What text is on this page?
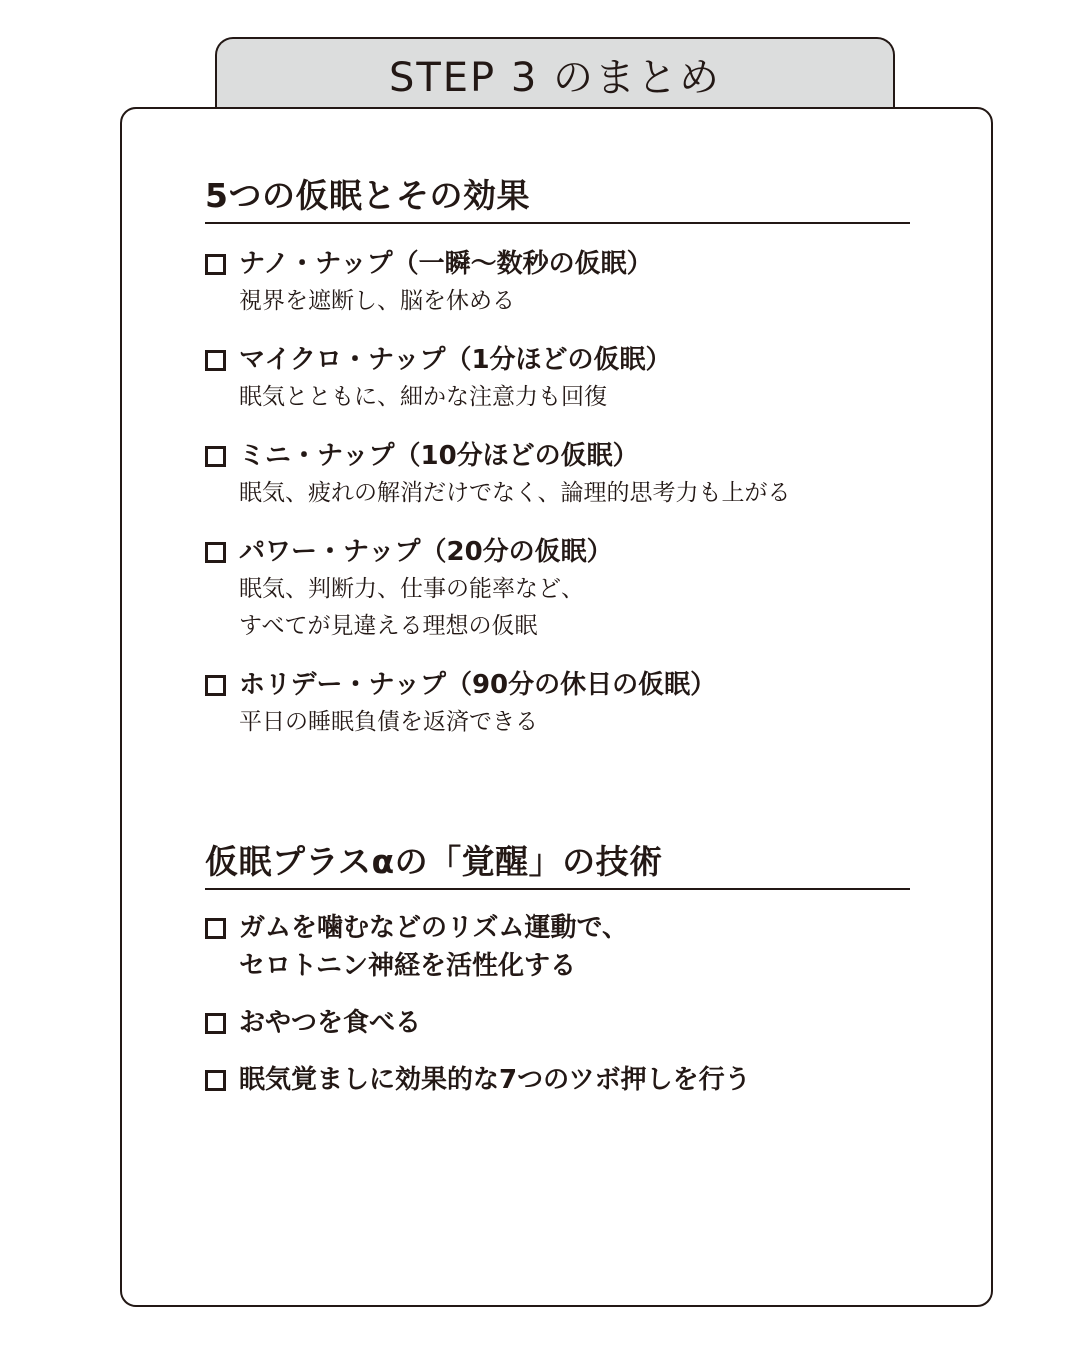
STEP 3 のまとめ
5つの仮眠とその効果
ナノ・ナップ（一瞬〜数秒の仮眠）
視界を遮断し、脳を休める
マイクロ・ナップ（1分ほどの仮眠）
眠気とともに、細かな注意力も回復
ミニ・ナップ（10分ほどの仮眠）
眠気、疲れの解消だけでなく、論理的思考力も上がる
パワー・ナップ（20分の仮眠）
眠気、判断力、仕事の能率など、
すべてが見違える理想の仮眠
ホリデー・ナップ（90分の休日の仮眠）
平日の睡眠負債を返済できる
仮眠プラスαの「覚醒」の技術
ガムを噛むなどのリズム運動で、
セロトニン神経を活性化する
おやつを食べる
眠気覚ましに効果的な7つのツボ押しを行う
